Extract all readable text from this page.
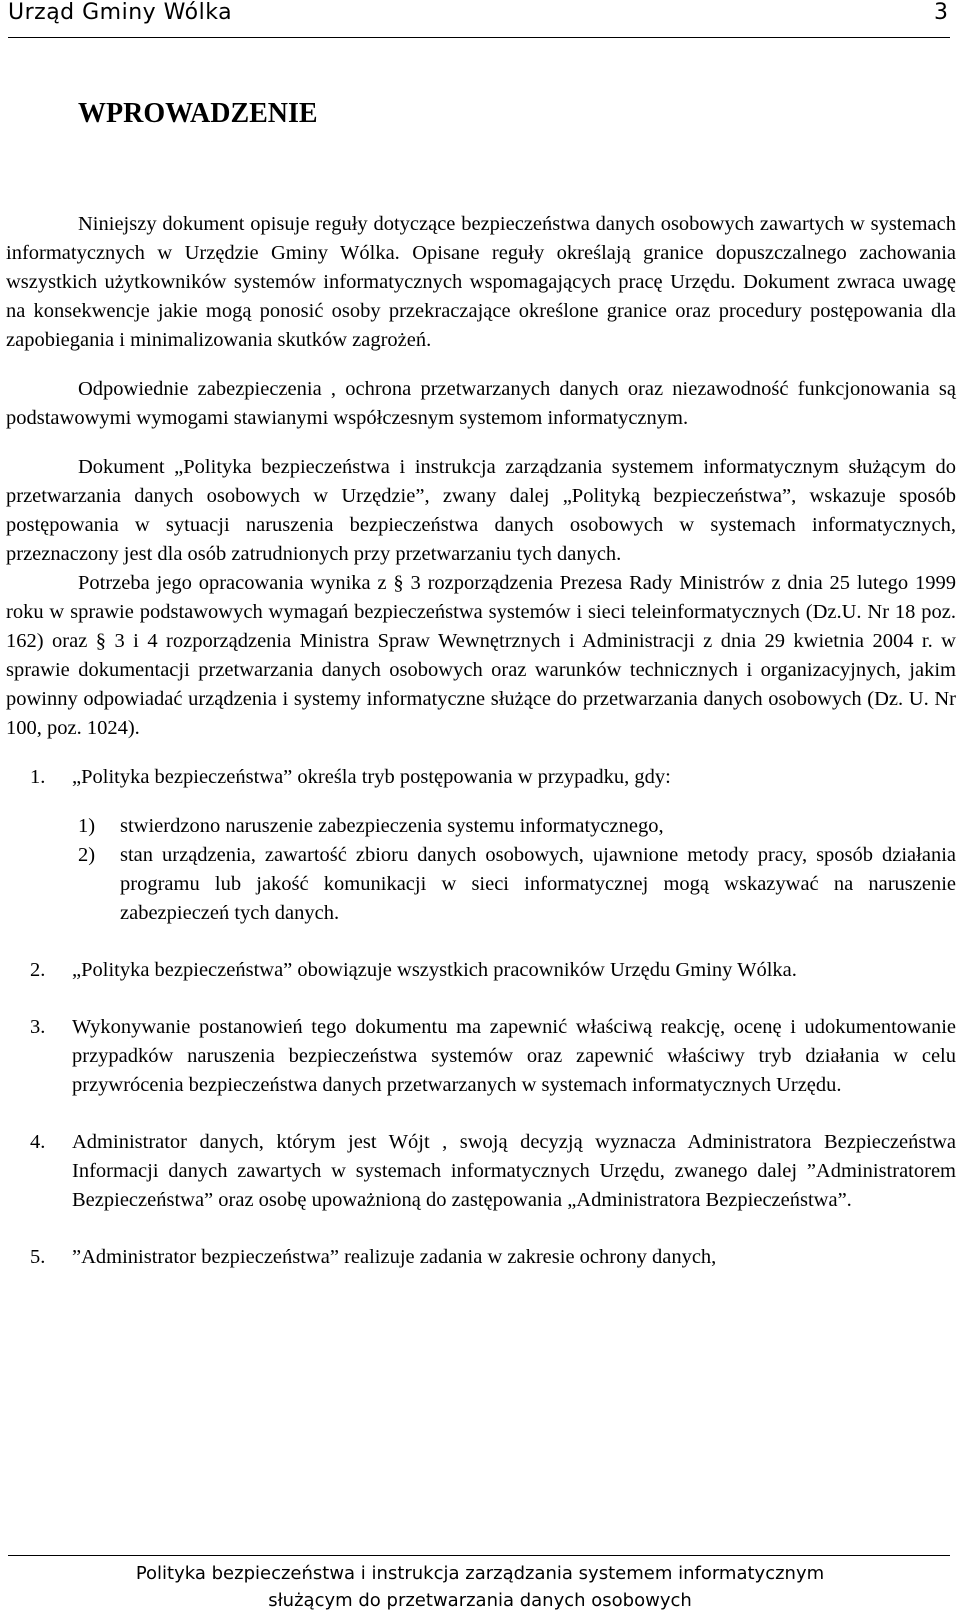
Urząd Gminy Wólka	3
WPROWADZENIE

Niniejszy dokument opisuje reguły dotyczące bezpieczeństwa danych osobowych zawartych w systemach informatycznych w Urzędzie Gminy Wólka. Opisane reguły określają granice dopuszczalnego zachowania wszystkich użytkowników systemów informatycznych wspomagających pracę Urzędu. Dokument zwraca uwagę na konsekwencje jakie mogą ponosić osoby przekraczające określone granice oraz procedury postępowania dla zapobiegania i minimalizowania skutków zagrożeń.

Odpowiednie zabezpieczenia , ochrona przetwarzanych danych oraz niezawodność funkcjonowania są podstawowymi wymogami stawianymi współczesnym systemom informatycznym.

Dokument „Polityka bezpieczeństwa i instrukcja zarządzania systemem informatycznym służącym do przetwarzania danych osobowych w Urzędzie”, zwany dalej „Polityką bezpieczeństwa”, wskazuje sposób postępowania w sytuacji naruszenia bezpieczeństwa danych osobowych w systemach informatycznych, przeznaczony jest dla osób zatrudnionych przy przetwarzaniu tych danych.

Potrzeba jego opracowania wynika z § 3 rozporządzenia Prezesa Rady Ministrów z dnia 25 lutego 1999 roku w sprawie podstawowych wymagań bezpieczeństwa systemów i sieci teleinformatycznych (Dz.U. Nr 18 poz. 162) oraz § 3 i 4 rozporządzenia Ministra Spraw Wewnętrznych i Administracji z dnia 29 kwietnia 2004 r. w sprawie dokumentacji przetwarzania danych osobowych oraz warunków technicznych i organizacyjnych, jakim powinny odpowiadać urządzenia i systemy informatyczne służące do przetwarzania danych osobowych (Dz. U. Nr 100, poz. 1024).

1.	„Polityka bezpieczeństwa” określa tryb postępowania w przypadku, gdy:
1)	stwierdzono naruszenie zabezpieczenia systemu informatycznego,
2)	stan urządzenia, zawartość zbioru danych osobowych, ujawnione metody pracy, sposób działania programu lub jakość komunikacji w sieci informatycznej mogą wskazywać na naruszenie zabezpieczeń tych danych.
2.	„Polityka bezpieczeństwa” obowiązuje wszystkich pracowników Urzędu Gminy Wólka.
3.	Wykonywanie postanowień tego dokumentu ma zapewnić właściwą reakcję, ocenę i udokumentowanie przypadków naruszenia bezpieczeństwa systemów oraz zapewnić właściwy tryb działania w celu przywrócenia bezpieczeństwa danych przetwarzanych w systemach informatycznych Urzędu.
4.	Administrator danych, którym jest Wójt , swoją decyzją wyznacza Administratora Bezpieczeństwa Informacji danych zawartych w systemach informatycznych Urzędu, zwanego dalej ”Administratorem Bezpieczeństwa” oraz osobę upoważnioną do zastępowania „Administratora Bezpieczeństwa”.
5.	”Administrator bezpieczeństwa” realizuje zadania w zakresie ochrony danych,
Polityka bezpieczeństwa i instrukcja zarządzania systemem informatycznym
służącym do przetwarzania danych osobowych
